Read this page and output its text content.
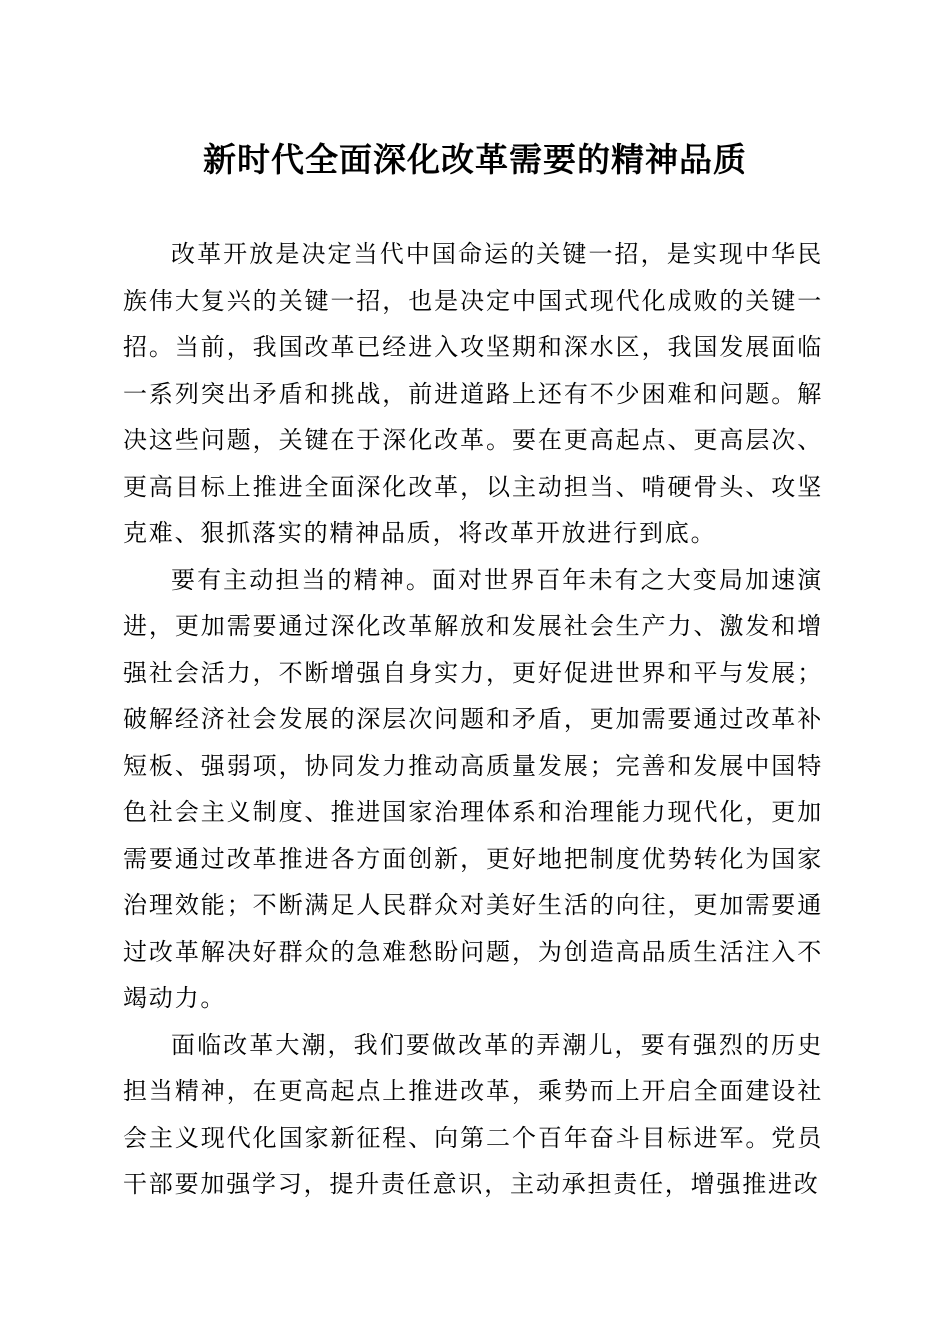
新时代全面深化改革需要的精神品质

改革开放是决定当代中国命运的关键一招，是实现中华民族伟大复兴的关键一招，也是决定中国式现代化成败的关键一招。当前，我国改革已经进入攻坚期和深水区，我国发展面临一系列突出矛盾和挑战，前进道路上还有不少困难和问题。解决这些问题，关键在于深化改革。要在更高起点、更高层次、更高目标上推进全面深化改革，以主动担当、啃硬骨头、攻坚克难、狠抓落实的精神品质，将改革开放进行到底。

要有主动担当的精神。面对世界百年未有之大变局加速演进，更加需要通过深化改革解放和发展社会生产力、激发和增强社会活力，不断增强自身实力，更好促进世界和平与发展；破解经济社会发展的深层次问题和矛盾，更加需要通过改革补短板、强弱项，协同发力推动高质量发展；完善和发展中国特色社会主义制度、推进国家治理体系和治理能力现代化，更加需要通过改革推进各方面创新，更好地把制度优势转化为国家治理效能；不断满足人民群众对美好生活的向往，更加需要通过改革解决好群众的急难愁盼问题，为创造高品质生活注入不竭动力。

面临改革大潮，我们要做改革的弄潮儿，要有强烈的历史担当精神，在更高起点上推进改革，乘势而上开启全面建设社会主义现代化国家新征程、向第二个百年奋斗目标进军。党员干部要加强学习，提升责任意识，主动承担责任，增强推进改
